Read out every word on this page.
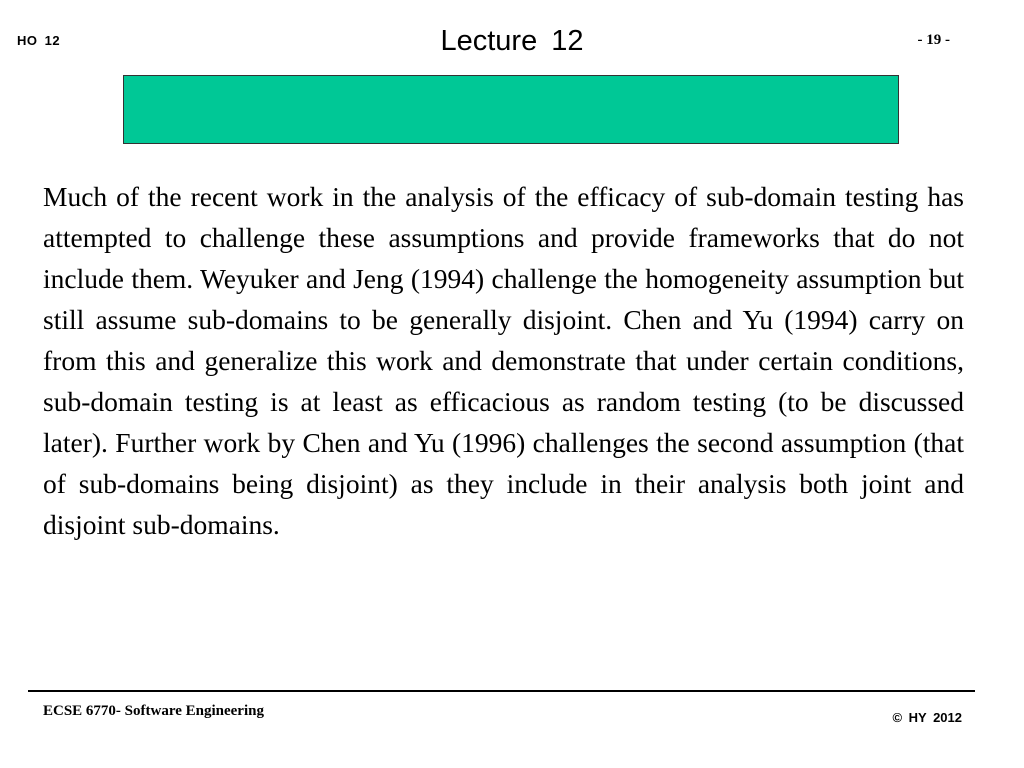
HO 12	Lecture 12	- 19 -

Much of the recent work in the analysis of the efficacy of sub-domain testing has attempted to challenge these assumptions and provide frameworks that do not include them. Weyuker and Jeng (1994) challenge the homogeneity assumption but still assume sub-domains to be generally disjoint. Chen and Yu (1994) carry on from this and generalize this work and demonstrate that under certain conditions, sub-domain testing is at least as efficacious as random testing (to be discussed later). Further work by Chen and Yu (1996) challenges the second assumption (that of sub-domains being disjoint) as they include in their analysis both joint and disjoint sub-domains.

ECSE 6770- Software Engineering	© HY 2012
